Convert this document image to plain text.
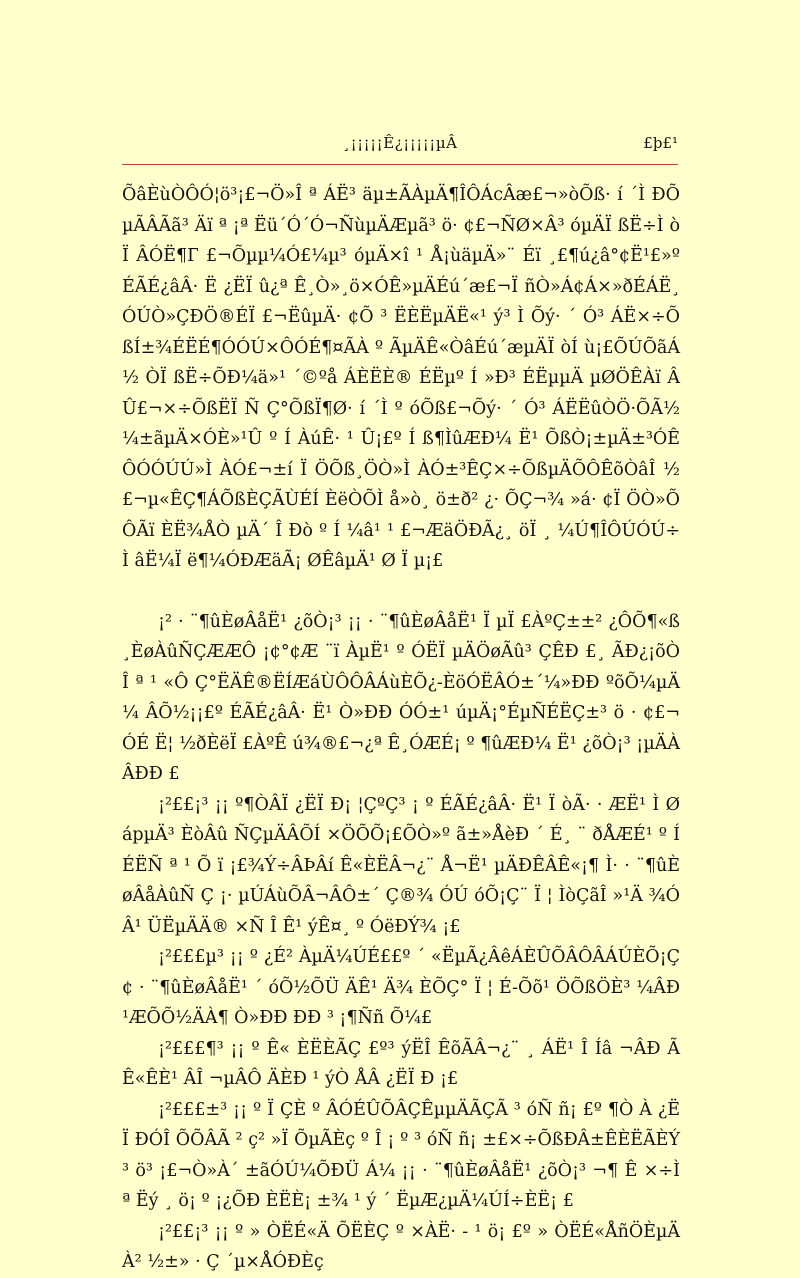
¸¡¡¡¡¡Ê¿¡¡¡¡¡µÂ	£þ£¹

ÕâÈùÒÔÓ¦ö³¡£¬Ö»Î ª ÁË³ äµ±ÃÀµÄ¶ÎÔÁcÂæ£¬»òÕß· í ´Ì ÐÕµÃÂÃã³ Äï ª ¡ª Ëü´Ó´Ó¬ÑùµÄÆµã³ ö· ¢£¬ÑØ×Â³ óµÄÏ ßË÷Ì òÏ ÂÓË¶Г £¬Õµµ¼Ó£¼µ³ óµÄ×î ¹ Å¡ùäµÄ»¨ Éï ¸£¶ú¿â°¢Ë¹£»º ÉÃÉ¿âÂ· Ë ¿ËÏ û¿ª Ê¸Ò»¸ö×ÓÊ»µÄÉú´æ£¬Ï ñÒ»Á¢Á×»ðÉÁË¸ ÓÚÒ»ÇÐÖ®ÉÏ £¬ËûµÄ· ¢Õ ³ ËÈËµÄË«¹ ý³ Ì Õý· ´ Ó³ ÁË×÷ÕßÍ±¾ÉËÉ¶ÓÓÚ×ÔÓÉ¶¤ÃÀ º ÃµÄÊ«ÒâÉú´æµÄÏ òÍ ù¡£ÕÚÕãÁ½ ÒÏ ßË÷ÕÐ¼ä»¹ ´©ºå ÁÈËÈ® ÉËµº Í »Ð³ ÉËµµÄ µØÖÊÀï ÂÛ£¬×÷ÕßËÏ Ñ Ç°ÕßÏ¶Ø· í ´Ì º óÕß£¬Õý· ´ Ó³ ÁËËûÒÖ·ÕÃ½¼±ãµÄ×ÓÈ»¹Û º Í ÀúÊ· ¹ Û¡£º Í ß¶ÌûÆÐ¼ Ë¹ ÕßÒ¡±µÄ±³ÓÊÔÓÓÚÚ»Ì ÀÓ£¬±í Ï ÖÕß¸ÖÒ»Ì ÀÓ±³ÊÇ×÷ÕßµÄÕÔÊõÒâÎ ½£¬µ«ÊÇ¶ÁÕßÈÇÃÙÉÍ ÈëÒÕÌ å»ò¸ ö±ð² ¿· ÕÇ¬¾ »á· ¢Ï ÖÒ»ÕÔÃï ÈË¾ÅÒ µÄ´ Î Ðò º Í ¼â¹ ¹ £¬ÆäÖÐÃ¿¸ öÏ ¸ ¼Ú¶ÎÔÚÓÚ÷Ì âË¼Ï ë¶¼ÓÐÆäÃ¡ ØÊâµÄ¹ Ø Ï µ¡£

¡² · ¨¶ûÈøÂåË¹ ¿õÒ¡³ ¡¡ · ¨¶ûÈøÂåË¹ Ï µÏ £ÀºÇ±±² ¿ÔÕ¶«ß¸ÈøÀûÑÇÆÆÔ ¡¢°¢Æ ¨ï ÀµË¹ º ÓËÏ µÄÖøÃû³ ÇÊÐ £¸ ÃÐ¿¡õÒ Î ª ¹ «Ô Ç°ËÄÊ®ËÍÆáÙÔÔÂÁùÈÕ¿-ÈöÓËÂÓ±´¼»ÐÐ ºõÕ¼µÄ¼ ÂÕ½¡¡£º ÉÃÉ¿âÂ· Ë¹ Ò»ÐÐ ÓÓ±¹ úµÄ¡°ÉµÑÉËÇ±³ ö · ¢£¬ÓÉ Ë¦ ½ðÈëÏ £ÀºÊ ú¾®£¬¿ª Ê¸ÓÆÉ¡ º ¶ûÆÐ¼ Ë¹ ¿õÒ¡³ ¡µÄÀÂÐÐ £

¡²££¡³ ¡¡ º¶ÒÂÏ ¿ËÏ Ð¡ ¦ÇºÇ³ ¡ º ÉÃÉ¿âÂ· Ë¹ Ï òÃ· · ÆË¹ Ì Ø ápµÄ³ ÈòÂû ÑÇµÄÂÕÍ ×ÖÕÕ¡£ÕÒ»º ã±»ÅèÐ ´ É¸ ¨ ðÅÆÉ¹ º Í ÉËÑ ª ¹ Õ ï ¡£¾Ý÷ÂÞÂí Ê«ÈËÂ¬¿¨ Å¬Ë¹ µÄÐÊÂÊ«¡¶ Ì· · ¨¶ûÈøÂåÀûÑ Ç ¡· µÚÁùÕÂ¬ÂÔ±´ Ç®¾ ÓÚ óÕ¡Ç¨ Ï ¦ ÌòÇãÎ »¹Ä ¾ÓÂ¹ ÜËµÄÄ® ×Ñ Î Ê¹ ýÊ¤¸ º ÓëÐÝ¾ ¡£

¡²£££µ³ ¡¡ º ¿É² ÀµÄ¼ÚÉ££º ´ «ËµÃ¿ÂêÁÈÛÕÂÔÂÁÚÈÕ¡Ç ¢ · ¨¶ûÈøÂåË¹ ´ óÕ½ÕÜ ÄÊ¹ Ä¾ ÈÕÇ° Ï ¦ É-Õõ¹ ÖÕßÖÈ³ ¼ÂÐ ¹ÆÕÕ½ÄÀ¶ Ò»ÐÐ ÐÐ ³ ¡¶Ññ Õ¼£

¡²£££¶³ ¡¡ º Ê« ÈËÈÃÇ £º³ ýËÎ ÊõÃÂ¬¿¨ ¸ ÁË¹ Î Íâ ¬ÂÐ Ã Ê«ÊÈ¹ ÂÎ ¬µÂÔ ÄÈÐ ¹ ýÒ ÅÂ ¿ËÏ Ð ¡£

¡²£££±³ ¡¡ º Ï ÇÈ º ÂÓÉÛÕÂÇÊµµÄÃÇÃ ³ óÑ ñ¡ £º ¶Ò À ¿ËÏ ÐÓÎ ÕÕÂÃ ² ç² »Ï ÕµÃÈç º Î ¡ º ³ óÑ ñ¡ ±£×÷ÕßÐÂ±ÊÈËÃÈÝ ³ ö³ ¡£¬Ò»À´ ±ãÓÚ¼ÕÐÜ Á¼ ¡¡ · ¨¶ûÈøÂåË¹ ¿õÒ¡³ ¬¶ Ê ×÷Ì ª Ëý ¸ ö¡ º ¡¿ÕÐ ÈËÈ¡ ±¾ ¹ ý ´ ËµÆ¿µÄ¼ÚÍ÷ÈË¡ £

¡²££¡³ ¡¡ º » ÒËÉ«Ä ÕËÈÇ º ×ÀË· - ¹ ö¡ £º » ÒËÉ«ÅñÖÈµÄÀ² ½±» · Ç ´µ×ÅÓÐÈç
